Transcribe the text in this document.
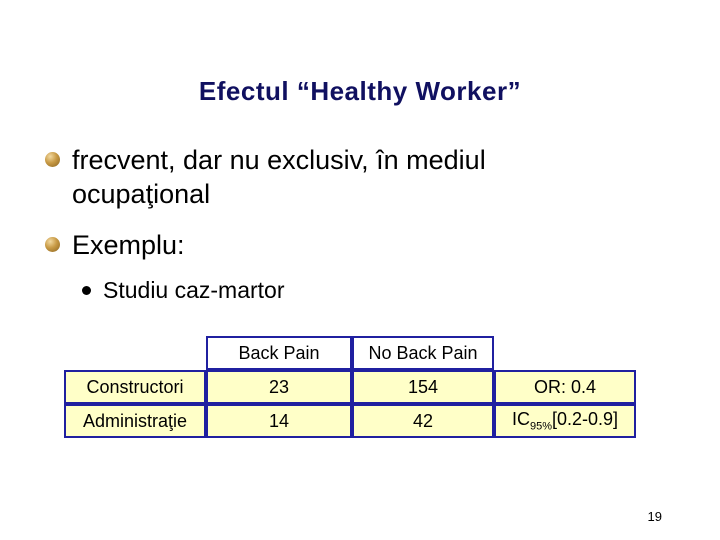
Efectul “Healthy Worker”
frecvent, dar nu exclusiv, în mediul ocupaţional
Exemplu:
Studiu caz-martor
	Back Pain	No Back Pain	
Constructori	23	154	OR: 0.4
Administraţie	14	42	$IC_{95\%}[0.2-0.9]$
19
